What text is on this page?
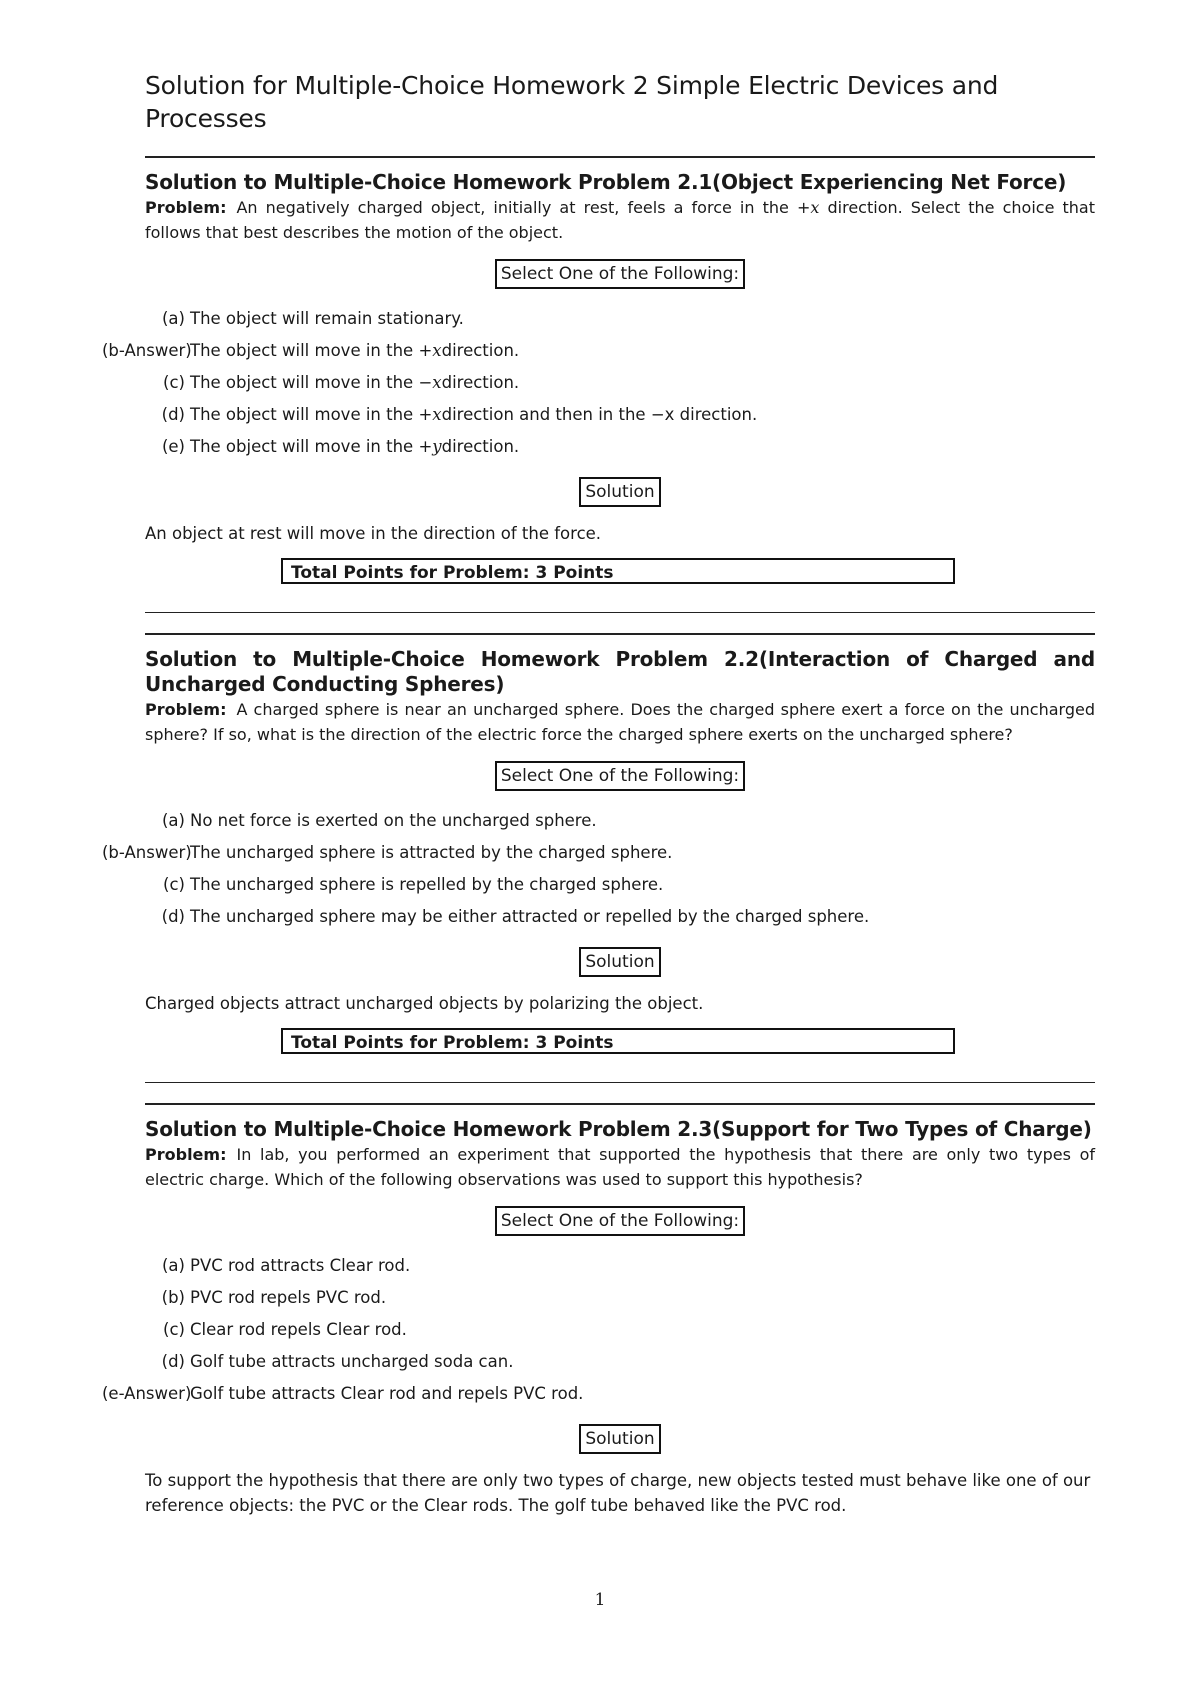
Solution for Multiple-Choice Homework 2 Simple Electric Devices and Processes
Solution to Multiple-Choice Homework Problem 2.1(Object Experiencing Net Force)

Problem: An negatively charged object, initially at rest, feels a force in the +x direction. Select the choice that follows that best describes the motion of the object.

Select One of the Following:
(a) The object will remain stationary.
(b-Answer)
The object will move in the + x direction.
(c) The object will move in the − x direction.
(d) The object will move in the + x direction and then in the −x direction.
(e) The object will move in the + y direction.
Solution

An object at rest will move in the direction of the force.

Total Points for Problem: 3 Points
Solution to Multiple-Choice Homework Problem 2.2(Interaction of Charged and Uncharged Conducting Spheres)

Problem: A charged sphere is near an uncharged sphere. Does the charged sphere exert a force on the uncharged sphere? If so, what is the direction of the electric force the charged sphere exerts on the uncharged sphere?

Select One of the Following:
(a) No net force is exerted on the uncharged sphere.
(b-Answer)
The uncharged sphere is attracted by the charged sphere.
(c) The uncharged sphere is repelled by the charged sphere.
(d) The uncharged sphere may be either attracted or repelled by the charged sphere.
Solution

Charged objects attract uncharged objects by polarizing the object.

Total Points for Problem: 3 Points
Solution to Multiple-Choice Homework Problem 2.3(Support for Two Types of Charge)

Problem: In lab, you performed an experiment that supported the hypothesis that there are only two types of electric charge. Which of the following observations was used to support this hypothesis?

Select One of the Following:
(a) PVC rod attracts Clear rod.
(b) PVC rod repels PVC rod.
(c) Clear rod repels Clear rod.
(d) Golf tube attracts uncharged soda can.
(e-Answer)
Golf tube attracts Clear rod and repels PVC rod.
Solution

To support the hypothesis that there are only two types of charge, new objects tested must behave like one of our reference objects: the PVC or the Clear rods. The golf tube behaved like the PVC rod.

1
